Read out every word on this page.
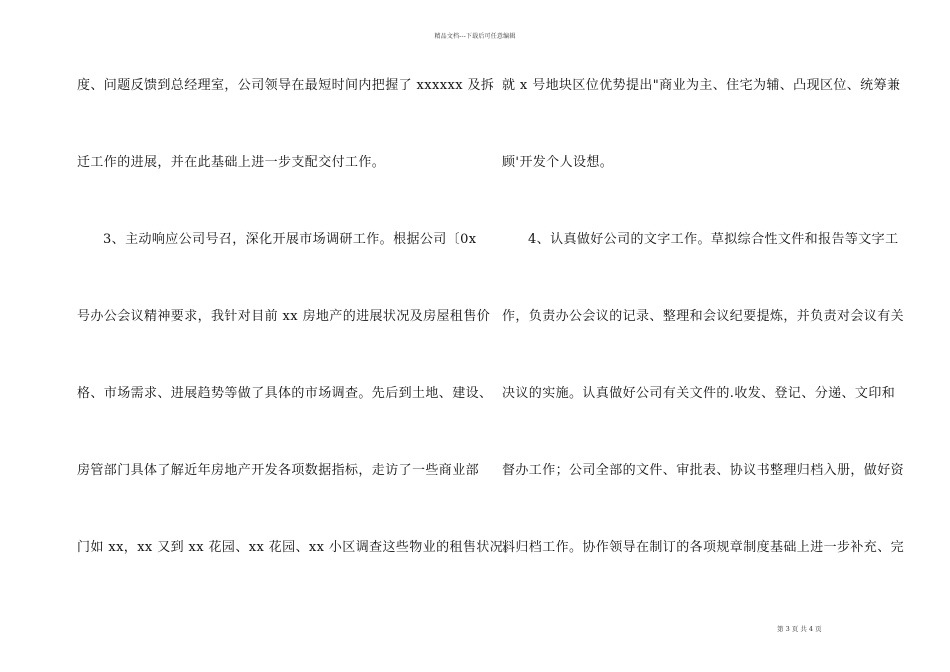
精品文档---下载后可任意编辑
度、问题反馈到总经理室，公司领导在最短时间内把握了 xxxxxx 及拆
迁工作的进展，并在此基础上进一步支配交付工作。
3、主动响应公司号召，深化开展市场调研工作。根据公司〔0x
号办公会议精神要求，我针对目前 xx 房地产的进展状况及房屋租售价
格、市场需求、进展趋势等做了具体的市场调查。先后到土地、建设、
房管部门具体了解近年房地产开发各项数据指标，走访了一些商业部
门如 xx，xx 又到 xx 花园、xx 花园、xx 小区调查这些物业的租售状况。
就 x 号地块区位优势提出"商业为主、住宅为辅、凸现区位、统筹兼
顾'开发个人设想。
4、认真做好公司的文字工作。草拟综合性文件和报告等文字工
作，负责办公会议的记录、整理和会议纪要提炼，并负责对会议有关
决议的实施。认真做好公司有关文件的.收发、登记、分递、文印和
督办工作；公司全部的文件、审批表、协议书整理归档入册，做好资
料归档工作。协作领导在制订的各项规章制度基础上进一步补充、完
第 3 页 共 4 页
